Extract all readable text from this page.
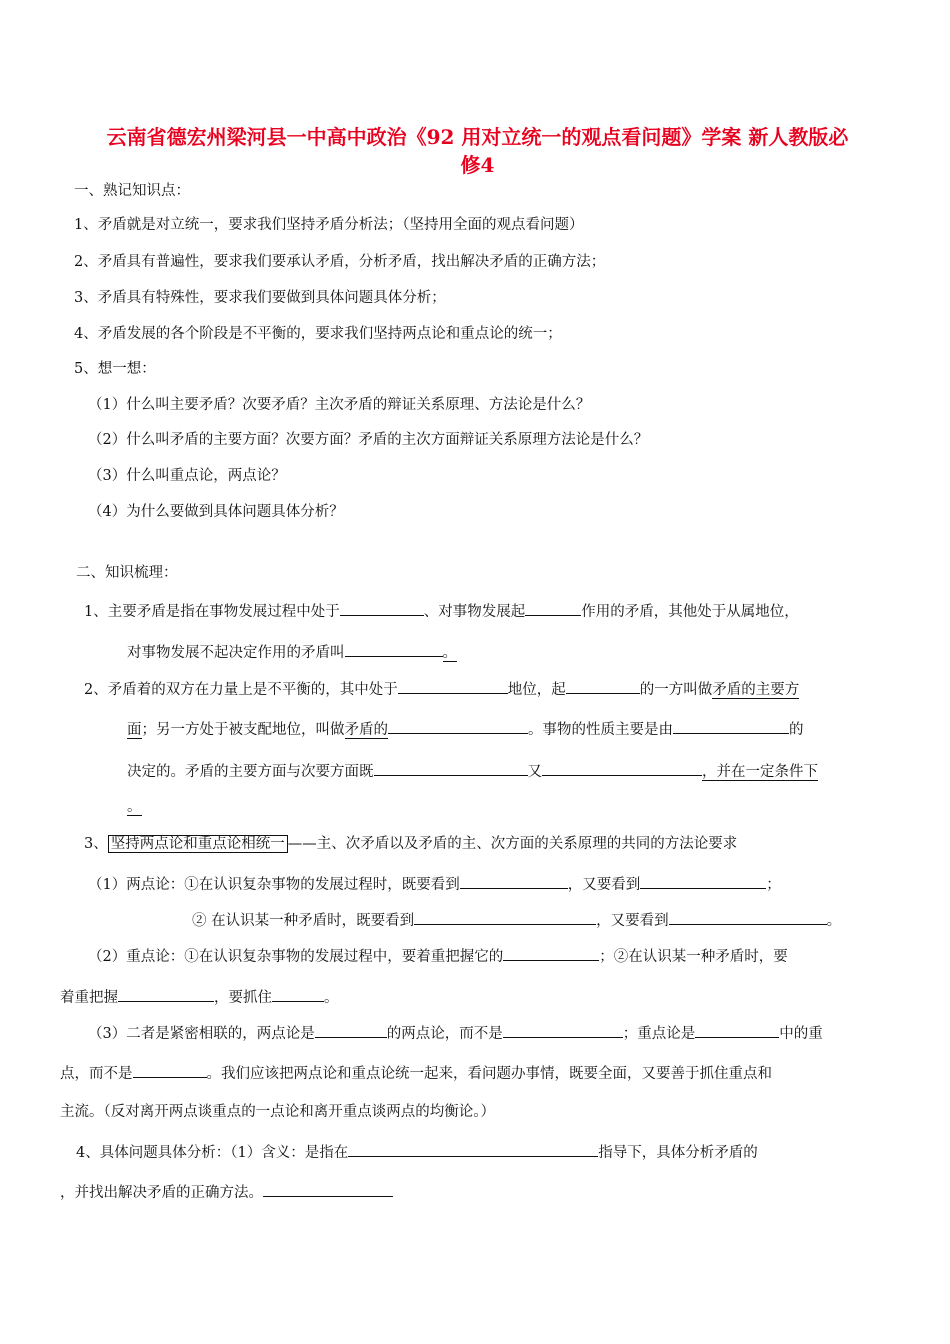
云南省德宏州梁河县一中高中政治《92 用对立统一的观点看问题》学案 新人教版必
修4
一、熟记知识点：
1、矛盾就是对立统一，要求我们坚持矛盾分析法；（坚持用全面的观点看问题）
2、矛盾具有普遍性，要求我们要承认矛盾，分析矛盾，找出解决矛盾的正确方法；
3、矛盾具有特殊性，要求我们要做到具体问题具体分析；
4、矛盾发展的各个阶段是不平衡的，要求我们坚持两点论和重点论的统一；
5、想一想：
（1）什么叫主要矛盾？次要矛盾？主次矛盾的辩证关系原理、方法论是什么？
（2）什么叫矛盾的主要方面？次要方面？矛盾的主次方面辩证关系原理方法论是什么？
（3）什么叫重点论，两点论？
（4）为什么要做到具体问题具体分析？
二、知识梳理：
1、主要矛盾是指在事物发展过程中处于	、对事物发展起	作用的矛盾，其他处于从属地位，
对事物发展不起决定作用的矛盾叫	。
2、矛盾着的双方在力量上是不平衡的，其中处于	地位，起	的一方叫做矛盾的主要方
面；另一方处于被支配地位，叫做矛盾的	。事物的性质主要是由	的
决定的。矛盾的主要方面与次要方面既	又	，并在一定条件下
。
3、 坚持两点论和重点论相统一 ——主、次矛盾以及矛盾的主、次方面的关系原理的共同的方法论要求
（1）两点论：①在认识复杂事物的发展过程时，既要看到	，又要看到	；
② 在认识某一种矛盾时，既要看到	，又要看到	。
（2）重点论：①在认识复杂事物的发展过程中，要着重把握它的	；②在认识某一种矛盾时，要
着重把握	，要抓住	。
（3）二者是紧密相联的，两点论是	的两点论，而不是	；重点论是	中的重
点，而不是	。我们应该把两点论和重点论统一起来，看问题办事情，既要全面，又要善于抓住重点和
主流。（反对离开两点谈重点的一点论和离开重点谈两点的均衡论。）
4、具体问题具体分析：（1）含义：是指在	指导下，具体分析矛盾的
，并找出解决矛盾的正确方法。
